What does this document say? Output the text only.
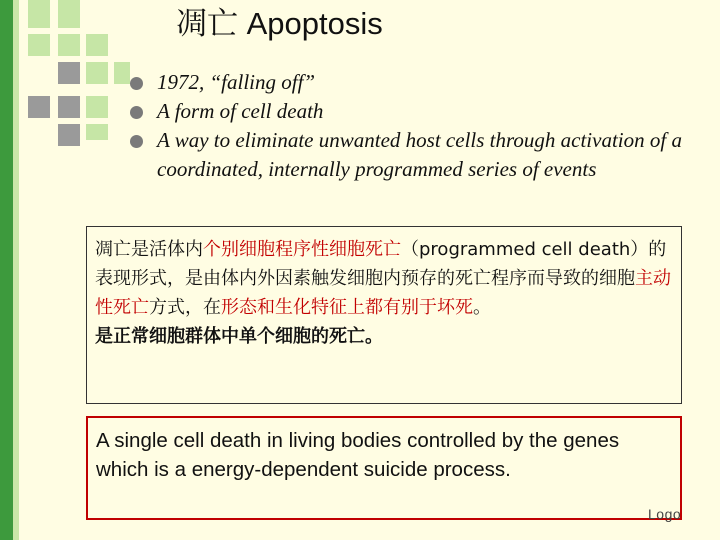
凋亡 Apoptosis
1972, “falling off”
A form of cell death
A way to eliminate unwanted host cells through activation of a coordinated, internally programmed series of events
凋亡是活体内个别细胞程序性细胞死亡（programmed cell death）的表现形式，是由体内外因素触发细胞内预存的死亡程序而导致的细胞主动性死亡方式，在形态和生化特征上都有别于坏死。
是正常细胞群体中单个细胞的死亡。
A single cell death in living bodies controlled by the genes which is a energy-dependent suicide process.
Logo
